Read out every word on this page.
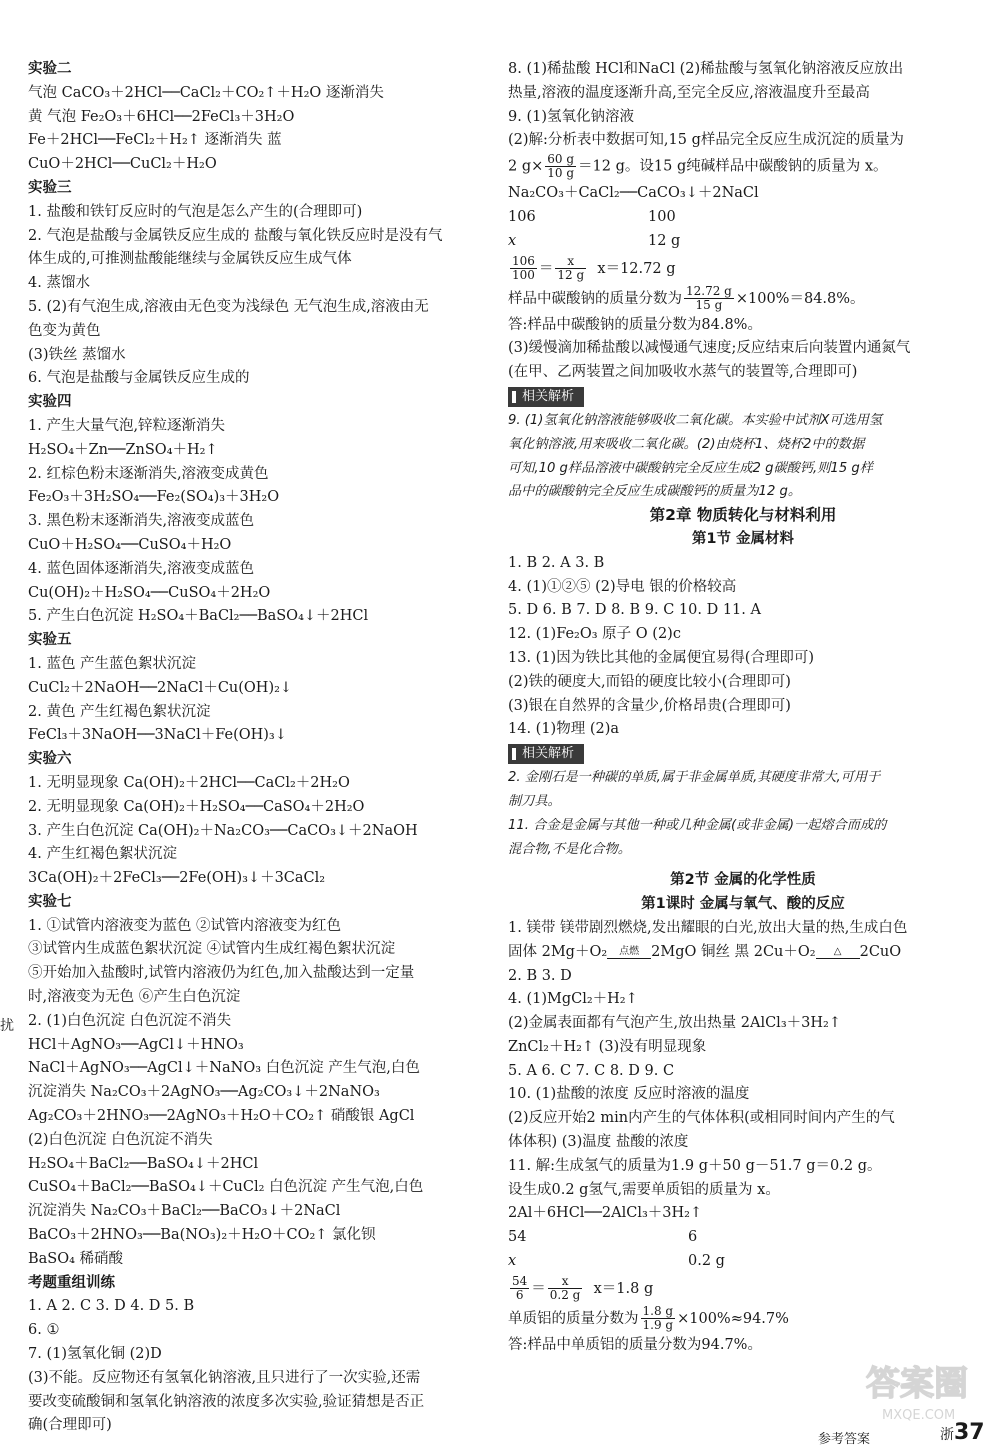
实验二
气泡 CaCO₃＋2HCl──CaCl₂＋CO₂↑＋H₂O 逐渐消失
黄 气泡 Fe₂O₃＋6HCl──2FeCl₃＋3H₂O
Fe＋2HCl──FeCl₂＋H₂↑ 逐渐消失 蓝
CuO＋2HCl──CuCl₂＋H₂O
实验三
1. 盐酸和铁钉反应时的气泡是怎么产生的(合理即可)
2. 气泡是盐酸与金属铁反应生成的 盐酸与氧化铁反应时是没有气
体生成的,可推测盐酸能继续与金属铁反应生成气体
4. 蒸馏水
5. (2)有气泡生成,溶液由无色变为浅绿色 无气泡生成,溶液由无
色变为黄色
(3)铁丝 蒸馏水
6. 气泡是盐酸与金属铁反应生成的
实验四
1. 产生大量气泡,锌粒逐渐消失
H₂SO₄＋Zn──ZnSO₄＋H₂↑
2. 红棕色粉末逐渐消失,溶液变成黄色
Fe₂O₃＋3H₂SO₄──Fe₂(SO₄)₃＋3H₂O
3. 黑色粉末逐渐消失,溶液变成蓝色
CuO＋H₂SO₄──CuSO₄＋H₂O
4. 蓝色固体逐渐消失,溶液变成蓝色
Cu(OH)₂＋H₂SO₄──CuSO₄＋2H₂O
5. 产生白色沉淀 H₂SO₄＋BaCl₂──BaSO₄↓＋2HCl
实验五
1. 蓝色 产生蓝色絮状沉淀
CuCl₂＋2NaOH──2NaCl＋Cu(OH)₂↓
2. 黄色 产生红褐色絮状沉淀
FeCl₃＋3NaOH──3NaCl＋Fe(OH)₃↓
实验六
1. 无明显现象 Ca(OH)₂＋2HCl──CaCl₂＋2H₂O
2. 无明显现象 Ca(OH)₂＋H₂SO₄──CaSO₄＋2H₂O
3. 产生白色沉淀 Ca(OH)₂＋Na₂CO₃──CaCO₃↓＋2NaOH
4. 产生红褐色絮状沉淀
3Ca(OH)₂＋2FeCl₃──2Fe(OH)₃↓＋3CaCl₂
实验七
1. ①试管内溶液变为蓝色 ②试管内溶液变为红色
③试管内生成蓝色絮状沉淀 ④试管内生成红褐色絮状沉淀
⑤开始加入盐酸时,试管内溶液仍为红色,加入盐酸达到一定量
时,溶液变为无色 ⑥产生白色沉淀
2. (1)白色沉淀 白色沉淀不消失
HCl＋AgNO₃──AgCl↓＋HNO₃
NaCl＋AgNO₃──AgCl↓＋NaNO₃ 白色沉淀 产生气泡,白色
沉淀消失 Na₂CO₃＋2AgNO₃──Ag₂CO₃↓＋2NaNO₃
Ag₂CO₃＋2HNO₃──2AgNO₃＋H₂O＋CO₂↑ 硝酸银 AgCl
(2)白色沉淀 白色沉淀不消失
H₂SO₄＋BaCl₂──BaSO₄↓＋2HCl
CuSO₄＋BaCl₂──BaSO₄↓＋CuCl₂ 白色沉淀 产生气泡,白色
沉淀消失 Na₂CO₃＋BaCl₂──BaCO₃↓＋2NaCl
BaCO₃＋2HNO₃──Ba(NO₃)₂＋H₂O＋CO₂↑ 氯化钡
BaSO₄ 稀硝酸
考题重组训练
1. A 2. C 3. D 4. D 5. B
6. ①
7. (1)氢氧化铜 (2)D
(3)不能。反应物还有氢氧化钠溶液,且只进行了一次实验,还需
要改变硫酸铜和氢氧化钠溶液的浓度多次实验,验证猜想是否正
确(合理即可)
8. (1)稀盐酸 HCl和NaCl (2)稀盐酸与氢氧化钠溶液反应放出
热量,溶液的温度逐渐升高,至完全反应,溶液温度升至最高
9. (1)氢氧化钠溶液
(2)解:分析表中数据可知,15 g样品完全反应生成沉淀的质量为
2 $g\times \frac{60 g}{10 g} =12$ g。设15 g纯碱样品中碳酸钠的质量为 x。
Na₂CO₃＋CaCl₂──CaCO₃↓＋2NaCl
106	100
x	12 g
$\frac{106}{100} = \frac{x}{12 g} x=12.72$ g
样品中碳酸钠的质量分数为 $\frac{12.72 g}{15 g} \times 100\%=84.8\%$。
答:样品中碳酸钠的质量分数为84.8%。
(3)缓慢滴加稀盐酸以减慢通气速度;反应结束后向装置内通氮气
(在甲、乙两装置之间加吸收水蒸气的装置等,合理即可)
相关解析
9. (1)氢氧化钠溶液能够吸收二氧化碳。本实验中试剂X可选用氢
氧化钠溶液,用来吸收二氧化碳。(2)由烧杯1、烧杯2中的数据
可知,10 g样品溶液中碳酸钠完全反应生成2 g碳酸钙,则15 g样
品中的碳酸钠完全反应生成碳酸钙的质量为12 g。
第2章 物质转化与材料利用
第1节 金属材料
1. B 2. A 3. B
4. (1)①②⑤ (2)导电 银的价格较高
5. D 6. B 7. D 8. B 9. C 10. D 11. A
12. (1)Fe₂O₃ 原子 O (2)c
13. (1)因为铁比其他的金属便宜易得(合理即可)
(2)铁的硬度大,而铅的硬度比较小(合理即可)
(3)银在自然界的含量少,价格昂贵(合理即可)
14. (1)物理 (2)a
相关解析
2. 金刚石是一种碳的单质,属于非金属单质,其硬度非常大,可用于
制刀具。
11. 合金是金属与其他一种或几种金属(或非金属)一起熔合而成的
混合物,不是化合物。
第2节 金属的化学性质
第1课时 金属与氧气、酸的反应
1. 镁带 镁带剧烈燃烧,发出耀眼的白光,放出大量的热,生成白色
固体 2Mg＋O₂	点燃 2MgO 铜丝 黑 2Cu＋O₂	△	2CuO
2. B 3. D
4. (1)MgCl₂＋H₂↑
(2)金属表面都有气泡产生,放出热量 2AlCl₃＋3H₂↑
ZnCl₂＋H₂↑ (3)没有明显现象
5. A 6. C 7. C 8. D 9. C
10. (1)盐酸的浓度 反应时溶液的温度
(2)反应开始2 min内产生的气体体积(或相同时间内产生的气
体体积) (3)温度 盐酸的浓度
11. 解:生成氢气的质量为1.9 g＋50 g－51.7 g＝0.2 g。
设生成0.2 g氢气,需要单质铝的质量为 x。
2Al＋6HCl──2AlCl₃＋3H₂↑
54	6
x	0.2 g
$\frac{54}{6} = \frac{x}{0.2 g} x=1.8$ g
单质铝的质量分数为 $\frac{1.8 g}{1.9 g} \times 100\%\approx 94.7\%$
答:样品中单质铝的质量分数为94.7%。
扰
答案圈
MXQE.COM
参考答案	浙37
